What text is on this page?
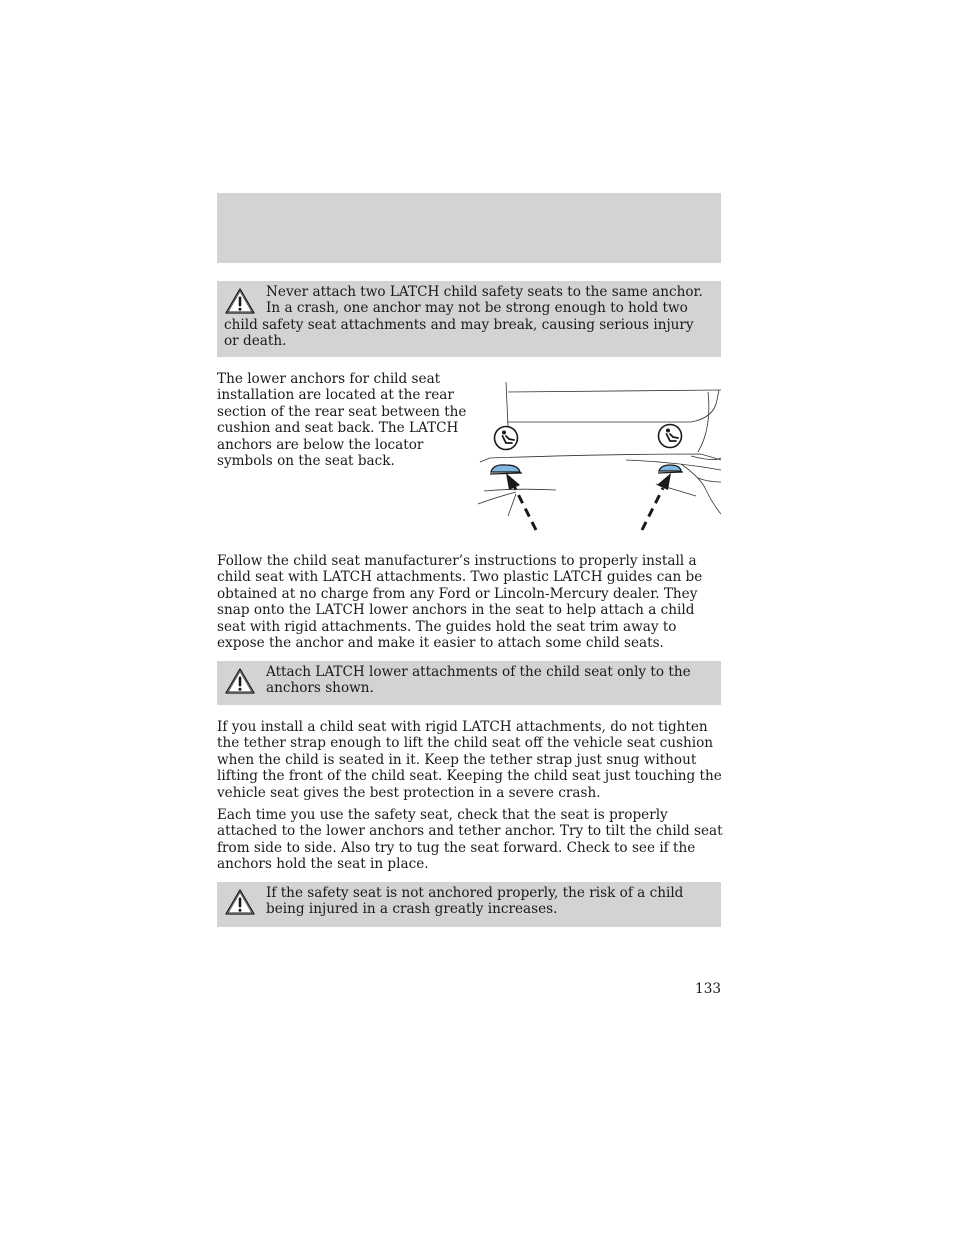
Never attach two LATCH child safety seats to the same anchor. In a crash, one anchor may not be strong enough to hold two child safety seat attachments and may break, causing serious injury or death.

The lower anchors for child seat installation are located at the rear section of the rear seat between the cushion and seat back. The LATCH anchors are below the locator symbols on the seat back.

Follow the child seat manufacturer’s instructions to properly install a child seat with LATCH attachments. Two plastic LATCH guides can be obtained at no charge from any Ford or Lincoln-Mercury dealer. They snap onto the LATCH lower anchors in the seat to help attach a child seat with rigid attachments. The guides hold the seat trim away to expose the anchor and make it easier to attach some child seats.

Attach LATCH lower attachments of the child seat only to the anchors shown.

If you install a child seat with rigid LATCH attachments, do not tighten the tether strap enough to lift the child seat off the vehicle seat cushion when the child is seated in it. Keep the tether strap just snug without lifting the front of the child seat. Keeping the child seat just touching the vehicle seat gives the best protection in a severe crash.

Each time you use the safety seat, check that the seat is properly attached to the lower anchors and tether anchor. Try to tilt the child seat from side to side. Also try to tug the seat forward. Check to see if the anchors hold the seat in place.

If the safety seat is not anchored properly, the risk of a child being injured in a crash greatly increases.
133
